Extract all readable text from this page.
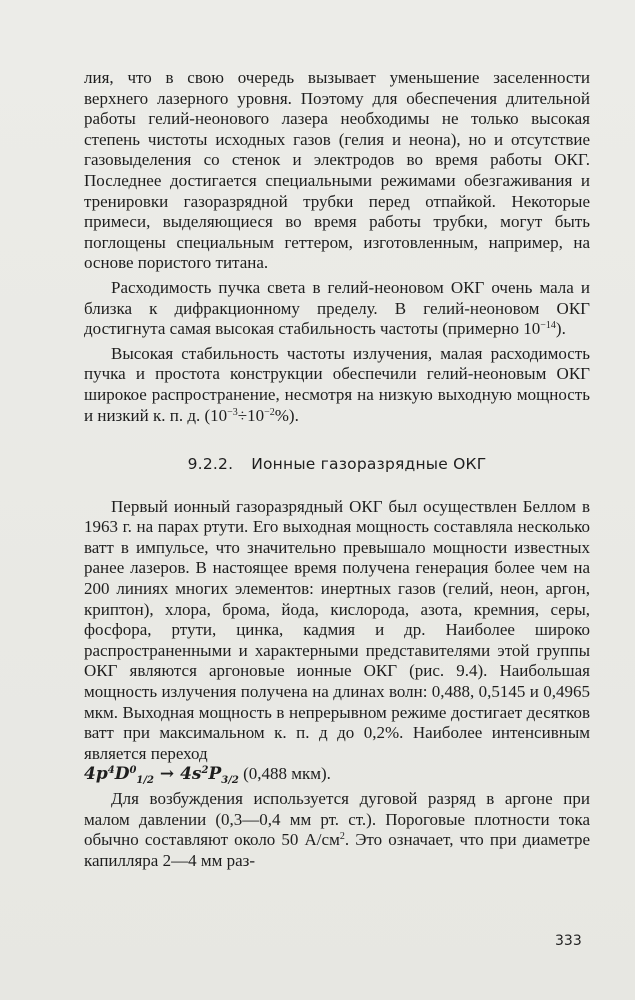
лия, что в свою очередь вызывает уменьшение заселенности верхнего лазерного уровня. Поэтому для обеспечения длительной работы гелий-неонового лазера необходимы не только высокая степень чистоты исходных газов (гелия и неона), но и отсутствие газовыделения со стенок и электродов во время работы ОКГ. Последнее достигается специальными режимами обезгаживания и тренировки газоразрядной трубки перед отпайкой. Некоторые примеси, выделяющиеся во время работы трубки, могут быть поглощены специальным геттером, изготовленным, например, на основе пористого титана.

Расходимость пучка света в гелий-неоновом ОКГ очень мала и близка к дифракционному пределу. В гелий-неоновом ОКГ достигнута самая высокая стабильность частоты (примерно $10^{-14}$).

Высокая стабильность частоты излучения, малая расходимость пучка и простота конструкции обеспечили гелий-неоновым ОКГ широкое распространение, несмотря на низкую выходную мощность и низкий к. п. д. $(10^{-3}\div 10^{-2}\%)$.

9.2.2. Ионные газоразрядные ОКГ

Первый ионный газоразрядный ОКГ был осуществлен Беллом в 1963 г. на парах ртути. Его выходная мощность составляла несколько ватт в импульсе, что значительно превышало мощности известных ранее лазеров. В настоящее время получена генерация более чем на 200 линиях многих элементов: инертных газов (гелий, неон, аргон, криптон), хлора, брома, йода, кислорода, азота, кремния, серы, фосфора, ртути, цинка, кадмия и др. Наиболее широко распространенными и характерными представителями этой группы ОКГ являются аргоновые ионные ОКГ (рис. 9.4). Наибольшая мощность излучения получена на длинах волн: 0,488, 0,5145 и 0,4965 мкм. Выходная мощность в непрерывном режиме достигает десятков ватт при максимальном к. п. д до 0,2%. Наиболее интенсивным является переход
$4p^4D^0_{1/2} \to 4s^2P_{3/2}$ (0,488 мкм).

Для возбуждения используется дуговой разряд в аргоне при малом давлении (0,3—0,4 мм рт. ст.). Пороговые плотности тока обычно составляют около 50 $А/см^2$. Это означает, что при диаметре капилляра 2—4 мм раз-

333
